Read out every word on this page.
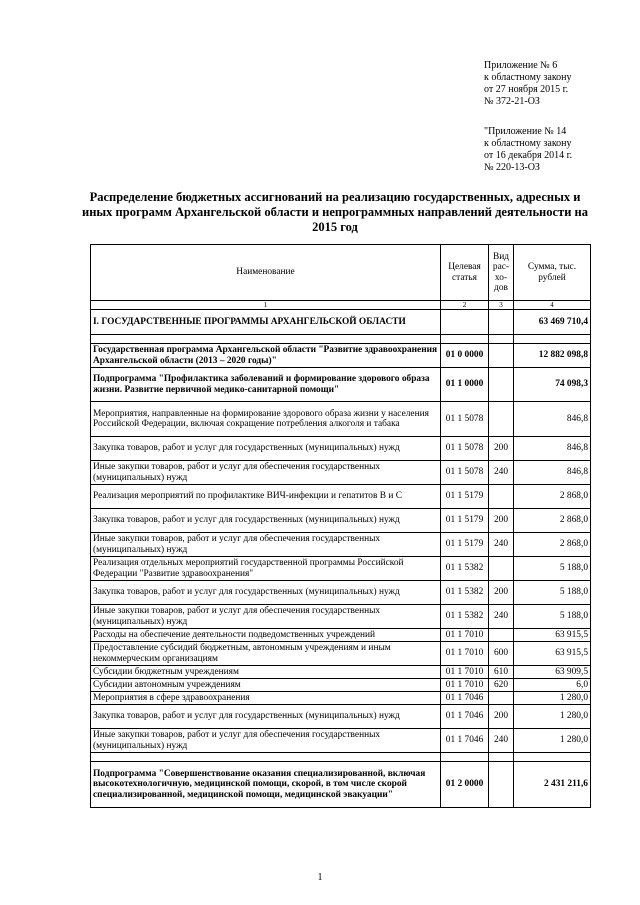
Приложение № 6
к областному закону
от 27 ноября 2015 г.
№ 372-21-ОЗ
"Приложение № 14
к областному закону
от 16 декабря 2014 г.
№ 220-13-ОЗ
Распределение бюджетных ассигнований на реализацию государственных, адресных и иных программ Архангельской области и непрограммных направлений деятельности на 2015 год
Наименование	Целевая статья	Вид рас-хо-дов	Сумма, тыс. рублей
1	2	3	4
I. ГОСУДАРСТВЕННЫЕ ПРОГРАММЫ АРХАНГЕЛЬСКОЙ ОБЛАСТИ			63 469 710,4

Государственная программа Архангельской области "Развитие здравоохранения Архангельской области (2013 – 2020 годы)"	01 0 0000		12 882 098,8
Подпрограмма "Профилактика заболеваний и формирование здорового образа жизни. Развитие первичной медико-санитарной помощи"	01 1 0000		74 098,3
Мероприятия, направленные на формирование здорового образа жизни у населения Российской Федерации, включая сокращение потребления алкоголя и табака	01 1 5078		846,8
Закупка товаров, работ и услуг для государственных (муниципальных) нужд	01 1 5078	200	846,8
Иные закупки товаров, работ и услуг для обеспечения государственных (муниципальных) нужд	01 1 5078	240	846,8
Реализация мероприятий по профилактике ВИЧ-инфекции и гепатитов В и С	01 1 5179		2 868,0
Закупка товаров, работ и услуг для государственных (муниципальных) нужд	01 1 5179	200	2 868,0
Иные закупки товаров, работ и услуг для обеспечения государственных (муниципальных) нужд	01 1 5179	240	2 868,0
Реализация отдельных мероприятий государственной программы Российской Федерации "Развитие здравоохранения"	01 1 5382		5 188,0
Закупка товаров, работ и услуг для государственных (муниципальных) нужд	01 1 5382	200	5 188,0
Иные закупки товаров, работ и услуг для обеспечения государственных (муниципальных) нужд	01 1 5382	240	5 188,0
Расходы на обеспечение деятельности подведомственных учреждений	01 1 7010		63 915,5
Предоставление субсидий бюджетным, автономным учреждениям и иным некоммерческим организациям	01 1 7010	600	63 915,5
Субсидии бюджетным учреждениям	01 1 7010	610	63 909,5
Субсидии автономным учреждениям	01 1 7010	620	6,0
Мероприятия в сфере здравоохранения	01 1 7046		1 280,0
Закупка товаров, работ и услуг для государственных (муниципальных) нужд	01 1 7046	200	1 280,0
Иные закупки товаров, работ и услуг для обеспечения государственных (муниципальных) нужд	01 1 7046	240	1 280,0

Подпрограмма "Совершенствование оказания специализированной, включая высокотехнологичную, медицинской помощи, скорой, в том числе скорой специализированной, медицинской помощи, медицинской эвакуации"	01 2 0000		2 431 211,6
1
